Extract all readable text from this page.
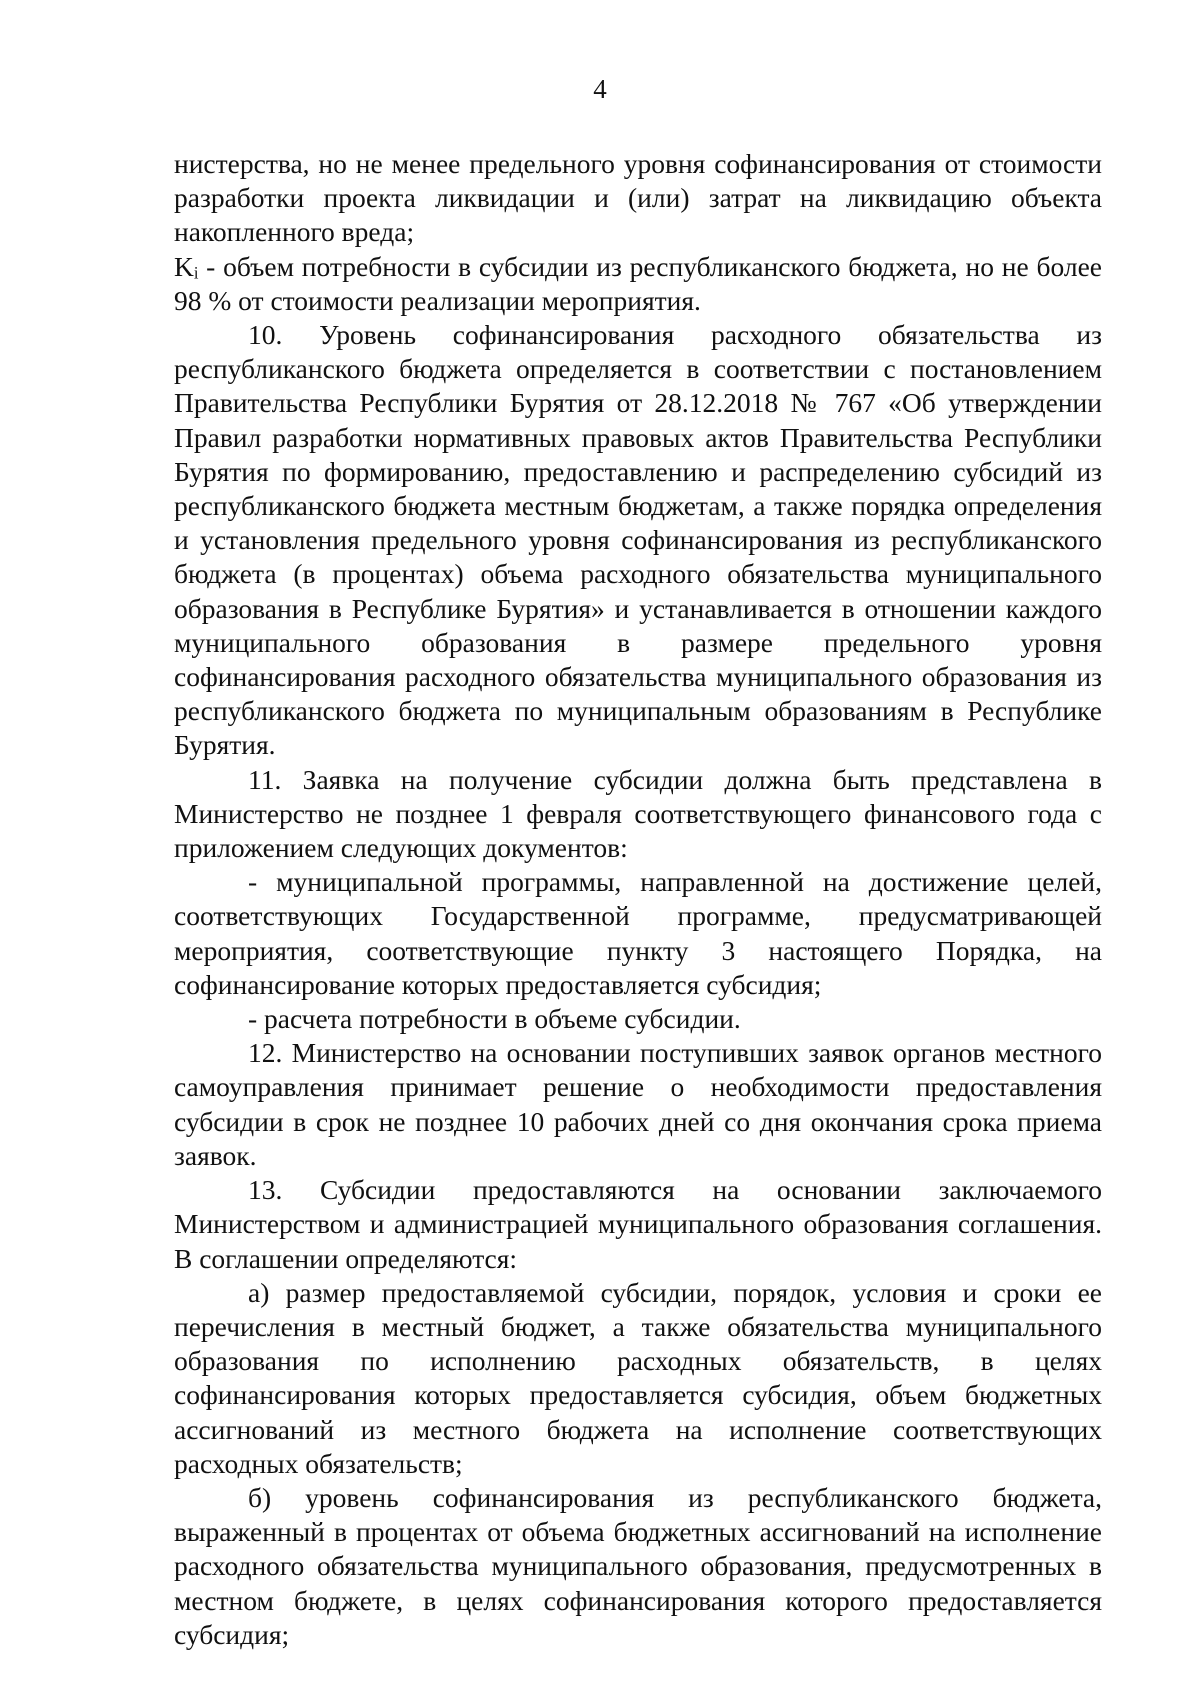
4

нистерства, но не менее предельного уровня софинансирования от стоимости разработки проекта ликвидации и (или) затрат на ликвидацию объекта накопленного вреда;

Kᵢ - объем потребности в субсидии из республиканского бюджета, но не более 98 % от стоимости реализации мероприятия.

10. Уровень софинансирования расходного обязательства из республиканского бюджета определяется в соответствии с постановлением Правительства Республики Бурятия от 28.12.2018 № 767 «Об утверждении Правил разработки нормативных правовых актов Правительства Республики Бурятия по формированию, предоставлению и распределению субсидий из республиканского бюджета местным бюджетам, а также порядка определения и установления предельного уровня софинансирования из республиканского бюджета (в процентах) объема расходного обязательства муниципального образования в Республике Бурятия» и устанавливается в отношении каждого муниципального образования в размере предельного уровня софинансирования расходного обязательства муниципального образования из республиканского бюджета по муниципальным образованиям в Республике Бурятия.

11. Заявка на получение субсидии должна быть представлена в Министерство не позднее 1 февраля соответствующего финансового года с приложением следующих документов:

- муниципальной программы, направленной на достижение целей, соответствующих Государственной программе, предусматривающей мероприятия, соответствующие пункту 3 настоящего Порядка, на софинансирование которых предоставляется субсидия;

- расчета потребности в объеме субсидии.

12. Министерство на основании поступивших заявок органов местного самоуправления принимает решение о необходимости предоставления субсидии в срок не позднее 10 рабочих дней со дня окончания срока приема заявок.

13. Субсидии предоставляются на основании заключаемого Министерством и администрацией муниципального образования соглашения. В соглашении определяются:

а) размер предоставляемой субсидии, порядок, условия и сроки ее перечисления в местный бюджет, а также обязательства муниципального образования по исполнению расходных обязательств, в целях софинансирования которых предоставляется субсидия, объем бюджетных ассигнований из местного бюджета на исполнение соответствующих расходных обязательств;

б) уровень софинансирования из республиканского бюджета, выраженный в процентах от объема бюджетных ассигнований на исполнение расходного обязательства муниципального образования, предусмотренных в местном бюджете, в целях софинансирования которого предоставляется субсидия;
